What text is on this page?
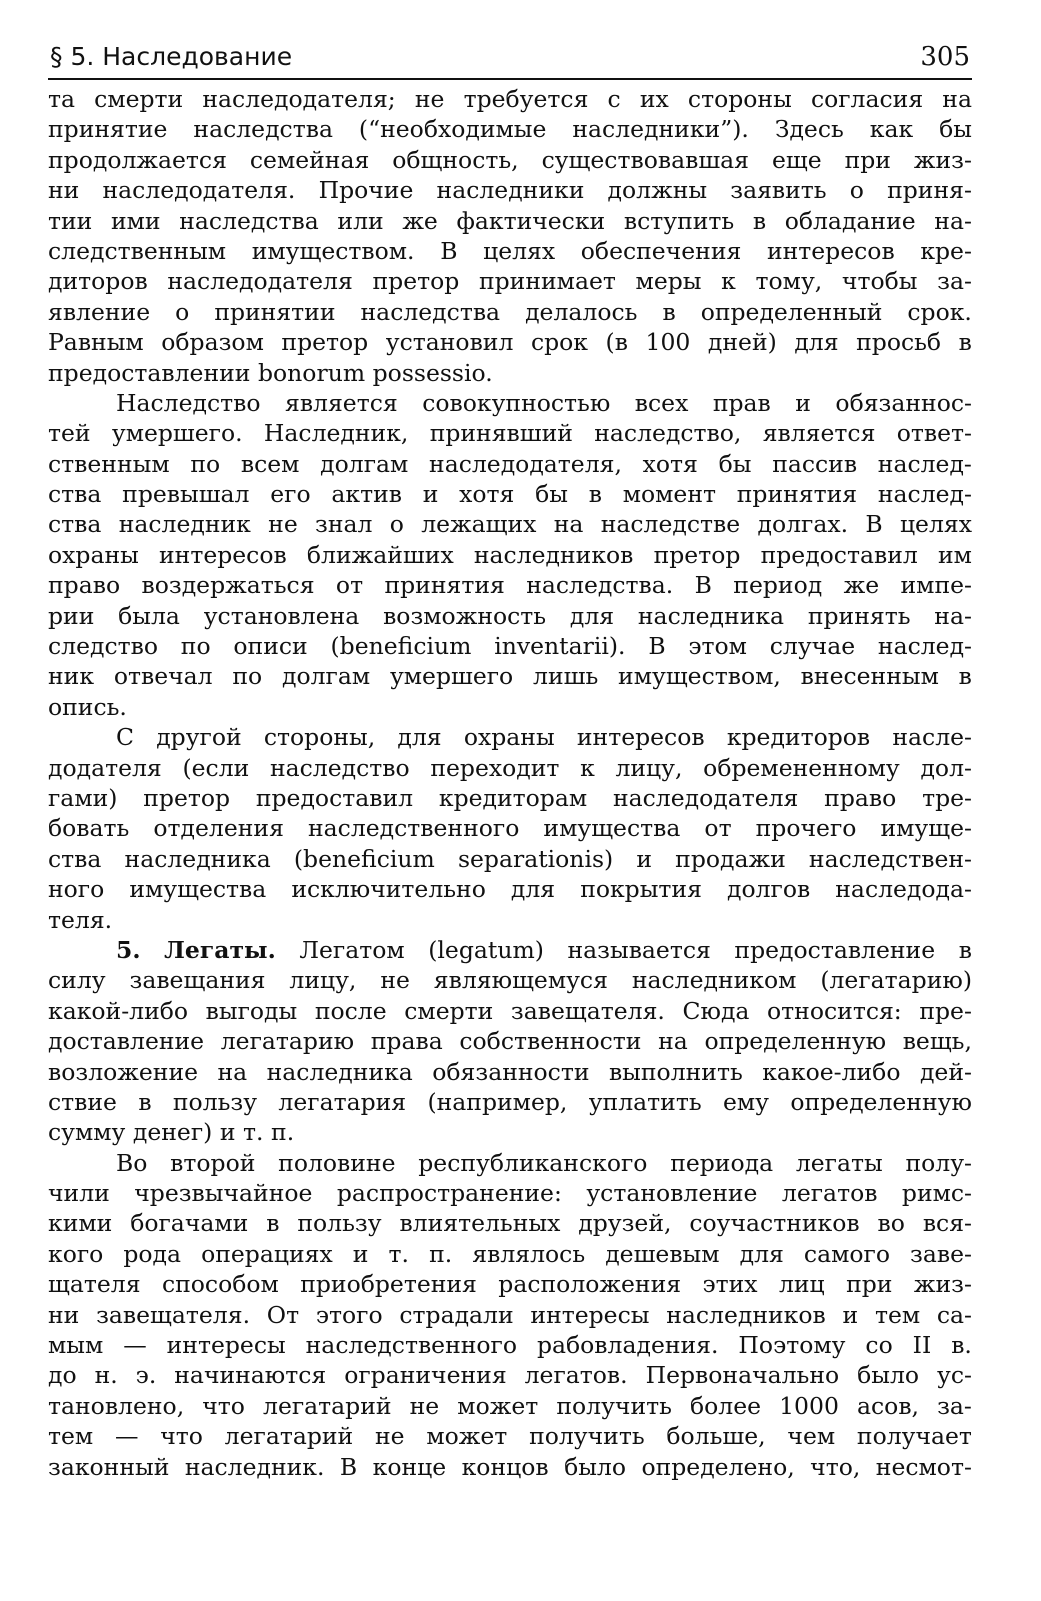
§ 5. Наследование	305
та смерти наследодателя; не требуется с их стороны согласия на
принятие наследства (“необходимые наследники”). Здесь как бы
продолжается семейная общность, существовавшая еще при жиз-
ни наследодателя. Прочие наследники должны заявить о приня-
тии ими наследства или же фактически вступить в обладание на-
следственным имуществом. В целях обеспечения интересов кре-
диторов наследодателя претор принимает меры к тому, чтобы за-
явление о принятии наследства делалось в определенный срок.
Равным образом претор установил срок (в 100 дней) для просьб в
предоставлении bonorum possessio.
Наследство является совокупностью всех прав и обязаннос-
тей умершего. Наследник, принявший наследство, является ответ-
ственным по всем долгам наследодателя, хотя бы пассив наслед-
ства превышал его актив и хотя бы в момент принятия наслед-
ства наследник не знал о лежащих на наследстве долгах. В целях
охраны интересов ближайших наследников претор предоставил им
право воздержаться от принятия наследства. В период же импе-
рии была установлена возможность для наследника принять на-
следство по описи (beneficium inventarii). В этом случае наслед-
ник отвечал по долгам умершего лишь имуществом, внесенным в
опись.
С другой стороны, для охраны интересов кредиторов насле-
додателя (если наследство переходит к лицу, обремененному дол-
гами) претор предоставил кредиторам наследодателя право тре-
бовать отделения наследственного имущества от прочего имуще-
ства наследника (beneficium separationis) и продажи наследствен-
ного имущества исключительно для покрытия долгов наследода-
теля.
5. Легаты. Легатом (legatum) называется предоставление в
силу завещания лицу, не являющемуся наследником (легатарию)
какой-либо выгоды после смерти завещателя. Сюда относится: пре-
доставление легатарию права собственности на определенную вещь,
возложение на наследника обязанности выполнить какое-либо дей-
ствие в пользу легатария (например, уплатить ему определенную
сумму денег) и т. п.
Во второй половине республиканского периода легаты полу-
чили чрезвычайное распространение: установление легатов римс-
кими богачами в пользу влиятельных друзей, соучастников во вся-
кого рода операциях и т. п. являлось дешевым для самого заве-
щателя способом приобретения расположения этих лиц при жиз-
ни завещателя. От этого страдали интересы наследников и тем са-
мым — интересы наследственного рабовладения. Поэтому со II в.
до н. э. начинаются ограничения легатов. Первоначально было ус-
тановлено, что легатарий не может получить более 1000 асов, за-
тем — что легатарий не может получить больше, чем получает
законный наследник. В конце концов было определено, что, несмот-
